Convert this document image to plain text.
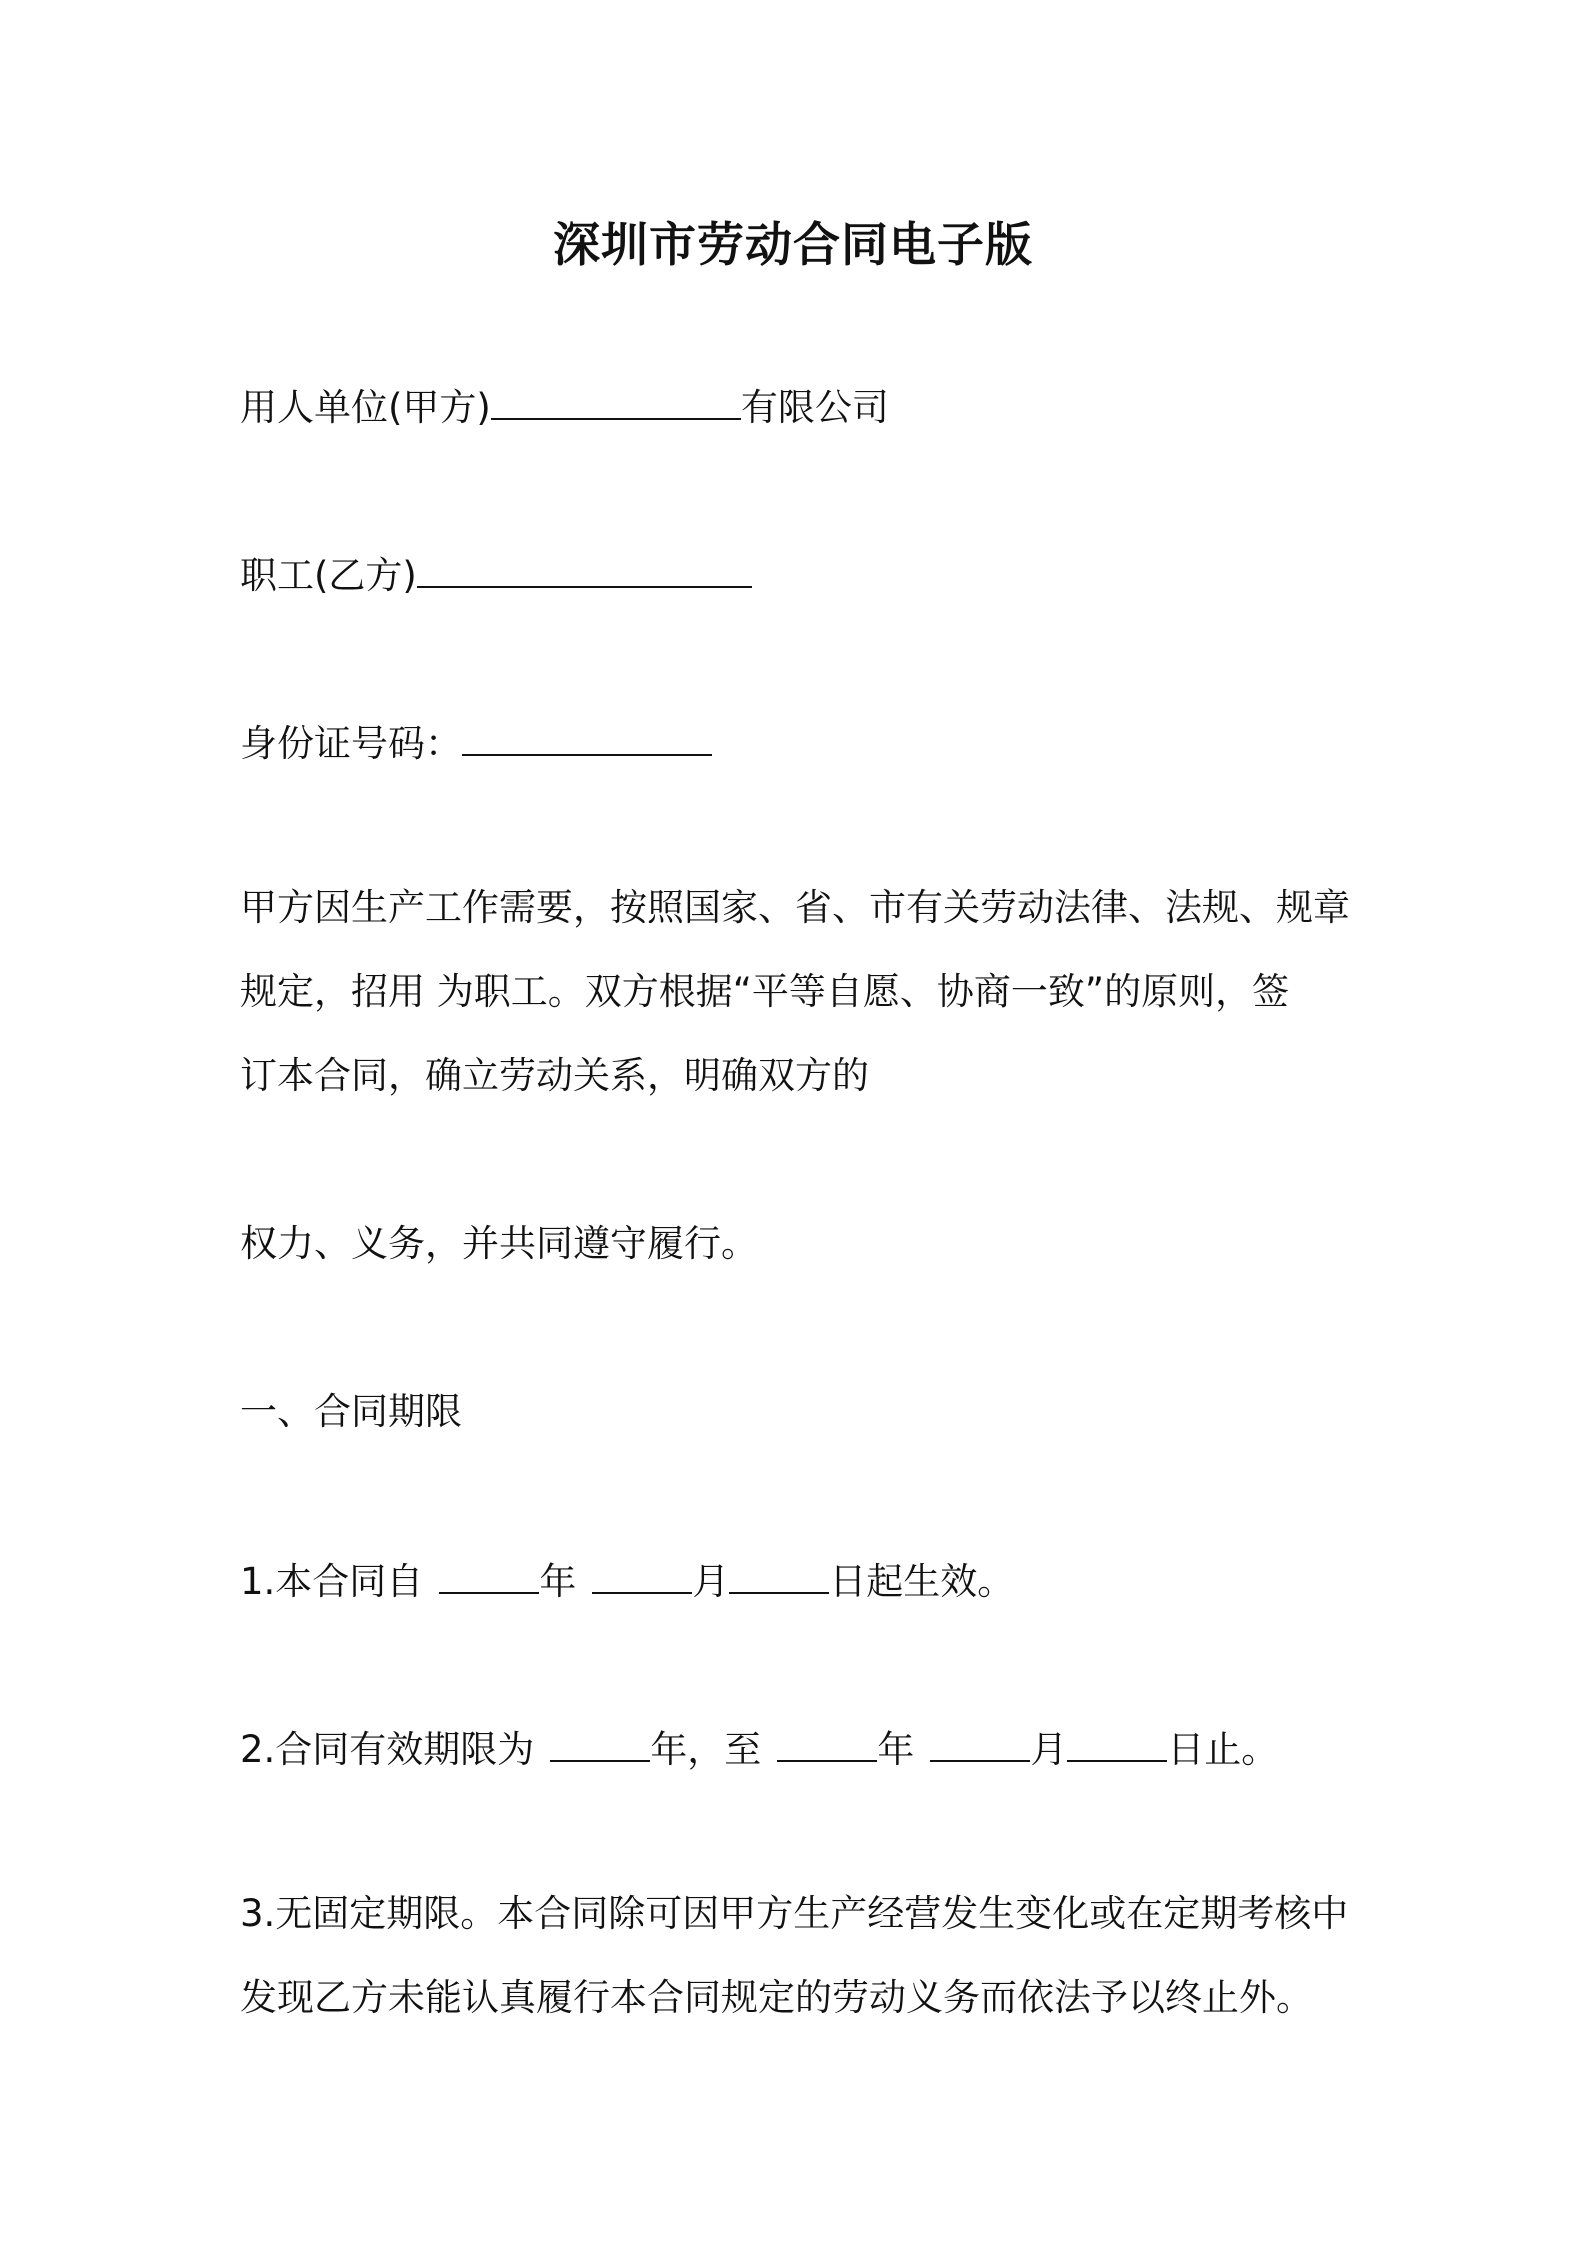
深圳市劳动合同电子版
用人单位(甲方)	有限公司
职工(乙方)
身份证号码：
甲方因生产工作需要，按照国家、省、市有关劳动法律、法规、规章
规定，招用 为职工。双方根据“平等自愿、协商一致”的原则，签
订本合同，确立劳动关系，明确双方的
权力、义务，并共同遵守履行。
一、合同期限
1.本合同自	年	月	日起生效。
2.合同有效期限为	年，至	年	月	日止。
3.无固定期限。本合同除可因甲方生产经营发生变化或在定期考核中
发现乙方未能认真履行本合同规定的劳动义务而依法予以终止外。
